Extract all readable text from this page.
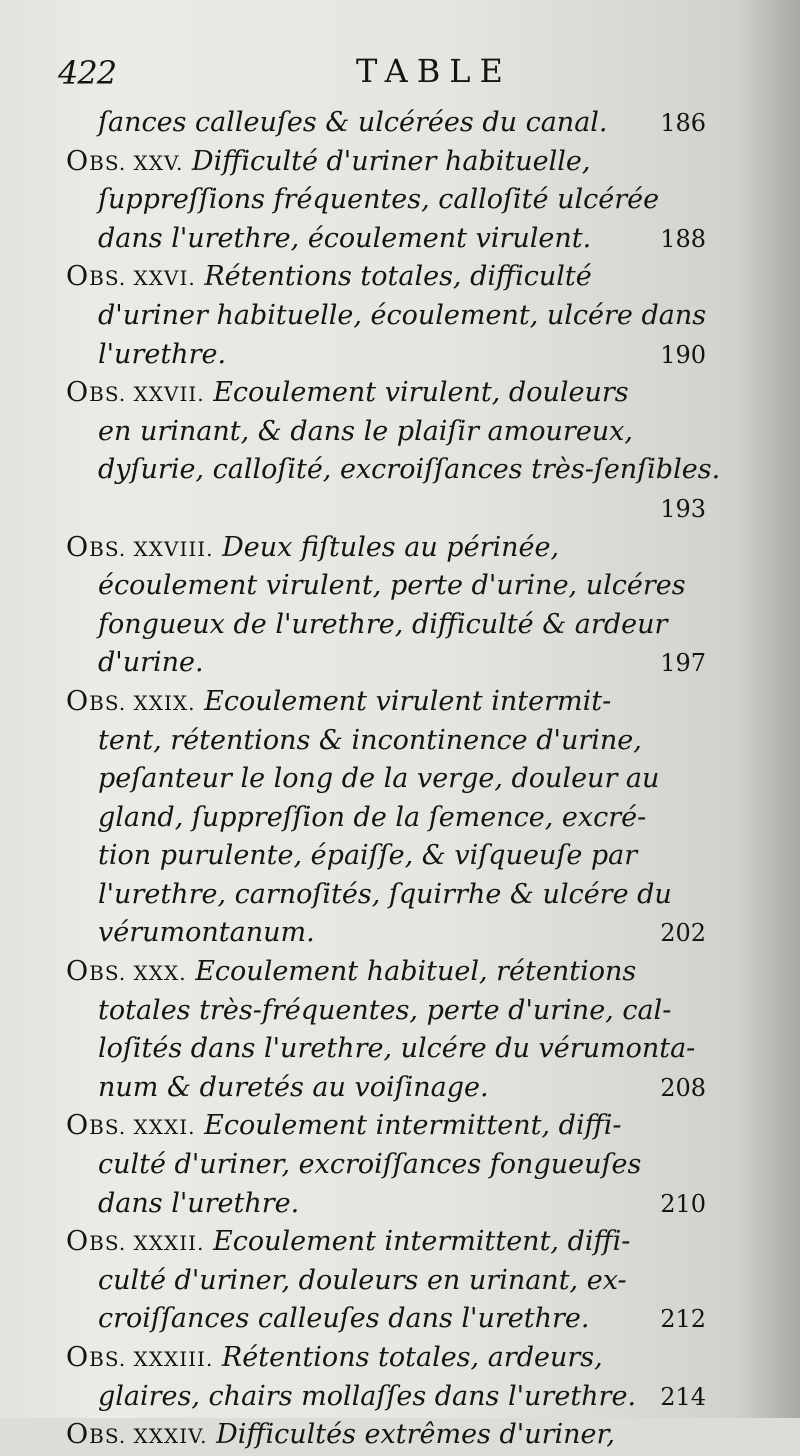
422	TABLE
ſances calleuſes & ulcérées du canal.	186
OBS. XXV. Difficulté d'uriner habituelle,
ſuppreſſions fréquentes, calloſité ulcérée
dans l'urethre, écoulement virulent.	188
OBS. XXVI. Rétentions totales, difficulté
d'uriner habituelle, écoulement, ulcére dans
l'urethre.	190
OBS. XXVII. Ecoulement virulent, douleurs
en urinant, & dans le plaiſir amoureux,
dyſurie, calloſité, excroiſſances très-ſenſibles.
193
OBS. XXVIII. Deux fiſtules au périnée,
écoulement virulent, perte d'urine, ulcéres
fongueux de l'urethre, difficulté & ardeur
d'urine.	197
OBS. XXIX. Ecoulement virulent intermit-
tent, rétentions & incontinence d'urine,
peſanteur le long de la verge, douleur au
gland, ſuppreſſion de la ſemence, excré-
tion purulente, épaiſſe, & viſqueuſe par
l'urethre, carnoſités, ſquirrhe & ulcére du
vérumontanum.	202
OBS. XXX. Ecoulement habituel, rétentions
totales très-fréquentes, perte d'urine, cal-
loſités dans l'urethre, ulcére du vérumonta-
num & duretés au voiſinage.	208
OBS. XXXI. Ecoulement intermittent, diffi-
culté d'uriner, excroiſſances fongueuſes
dans l'urethre.	210
OBS. XXXII. Ecoulement intermittent, diffi-
culté d'uriner, douleurs en urinant, ex-
croiſſances calleuſes dans l'urethre.	212
OBS. XXXIII. Rétentions totales, ardeurs,
glaires, chairs mollaſſes dans l'urethre.	214
OBS. XXXIV. Difficultés extrêmes d'uriner,
